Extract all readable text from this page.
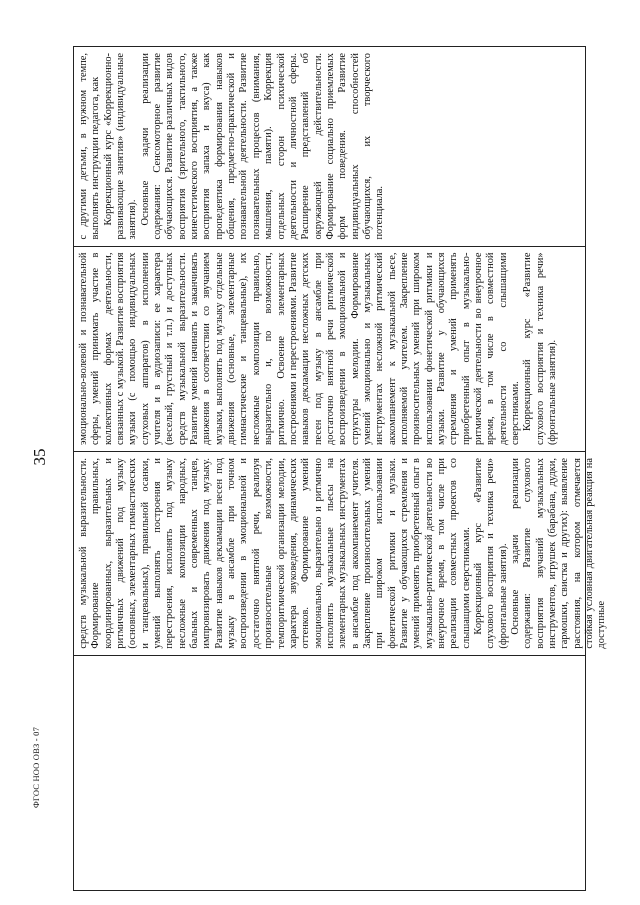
35

средств музыкальной выразительности. Формирование правильных, координированных, выразительных и ритмичных движений под музыку (основных, элементарных гимнастических и танцевальных), правильной осанки, умений выполнять построения и перестроения, исполнять под музыку несложные композиции народных, бальных и современных танцев, импровизировать движения под музыку. Развитие навыков декламации песен под музыку в ансамбле при точном воспроизведении в эмоциональной и достаточно внятной речи, реализуя произносительные возможности, темпоритмической организации мелодии, характера звуковедения, динамических оттенков. Формирование умений эмоционально, выразительно и ритмично исполнять музыкальные пьесы на элементарных музыкальных инструментах в ансамбле под аккомпанемент учителя. Закрепление произносительных умений при широком использовании фонетической ритмики и музыки. Развитие у обучающихся стремления и умений применять приобретенный опыт в музыкально-ритмической деятельности во внеурочное время, в том числе при реализации совместных проектов со слышащими сверстниками. Коррекционный курс «Развитие слухового восприятия и техника речи» (фронтальные занятия). Основные задачи реализации содержания: Развитие слухового восприятия звучаний музыкальных инструментов, игрушек (барабана, дудки, гармошки, свистка и других): выявление расстояния, на котором отмечается стойкая условная двигательная реакция на доступные

эмоционально-волевой и познавательной сферы, умений принимать участие в коллективных формах деятельности, связанных с музыкой. Развитие восприятия музыки (с помощью индивидуальных слуховых аппаратов) в исполнении учителя и в аудиозаписи: ее характера (веселый, грустный и т.п.) и доступных средств музыкальной выразительности. Развитие умений начинать и заканчивать движения в соответствии со звучанием музыки, выполнять под музыку отдельные движения (основные, элементарные гимнастические и танцевальные), их несложные композиции правильно, выразительно и, по возможности, ритмично. Освоение элементарных построениями и перестроениями. Развитие навыков декламации несложных детских песен под музыку в ансамбле при достаточно внятной речи ритмической воспроизведении в эмоциональной и структуры мелодии. Формирование умений эмоционально и музыкальных инструментах несложной ритмический аккомпанемент к музыкальной пьесе, исполняемой учителем. Закрепление произносительных умений при широком использовании фонетической ритмики и музыки. Развитие у обучающихся стремления и умений применять приобретенный опыт в музыкально-ритмической деятельности во внеурочное время, в том числе в совместной деятельности со слышащими сверстниками. Коррекционный курс «Развитие слухового восприятия и техника речи» (фронтальные занятия).

с другими детьми, в нужном темпе, выполнять инструкции педагога, как Коррекционный курс «Коррекционно-развивающие занятия» (индивидуальные занятия). Основные задачи реализации содержания: Сенсомоторное развитие обучающихся. Развитие различных видов восприятия (зрительного, тактильного, кинестетического восприятия, а также восприятия запаха и вкуса) как пропедевтика формирования навыков общения, предметно-практической и познавательной деятельности. Развитие познавательных процессов (внимания, мышления, памяти). Коррекция отдельных сторон психической деятельности и личностной сферы. Расширение представлений об окружающей действительности. Формирование социально приемлемых форм поведения. Развитие индивидуальных способностей обучающихся, их творческого потенциала.

ФГОС НОО ОВЗ - 07
